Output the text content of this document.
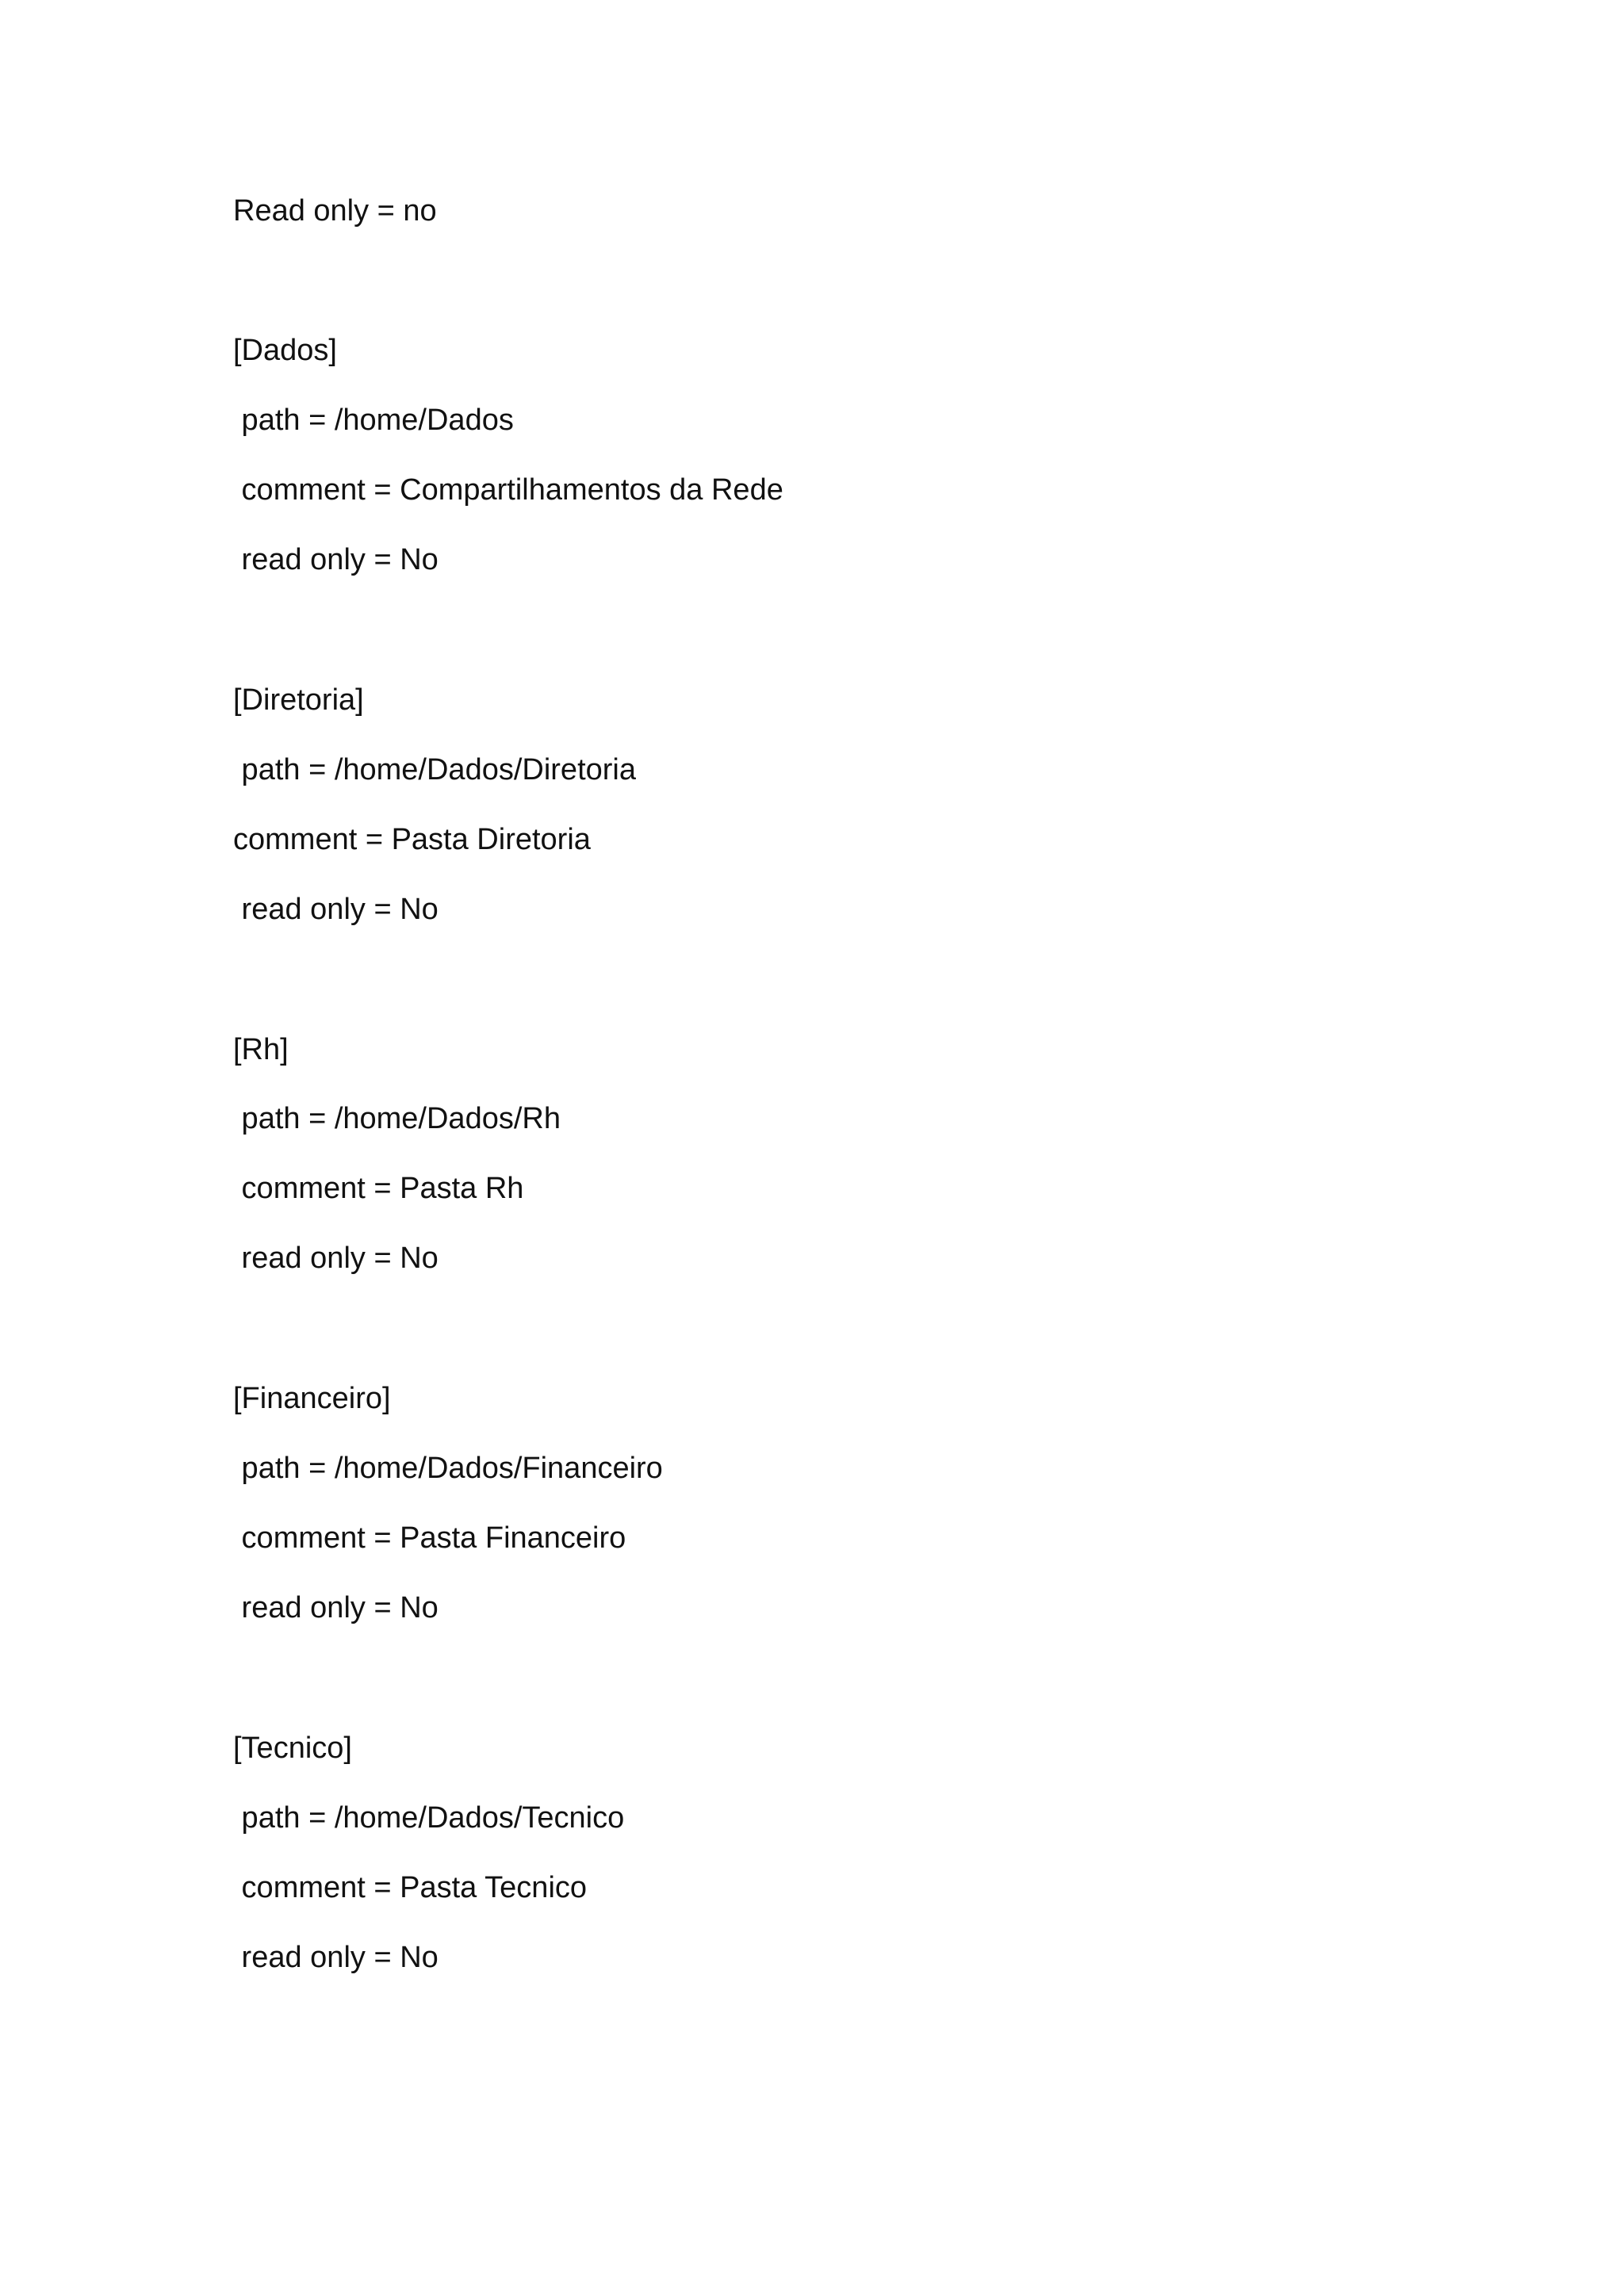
Read only = no
[Dados]
path = /home/Dados
comment = Compartilhamentos da Rede
read only = No
[Diretoria]
path = /home/Dados/Diretoria
comment = Pasta Diretoria
read only = No
[Rh]
path = /home/Dados/Rh
comment = Pasta Rh
read only = No
[Financeiro]
path = /home/Dados/Financeiro
comment = Pasta Financeiro
read only = No
[Tecnico]
path = /home/Dados/Tecnico
comment = Pasta Tecnico
read only = No
